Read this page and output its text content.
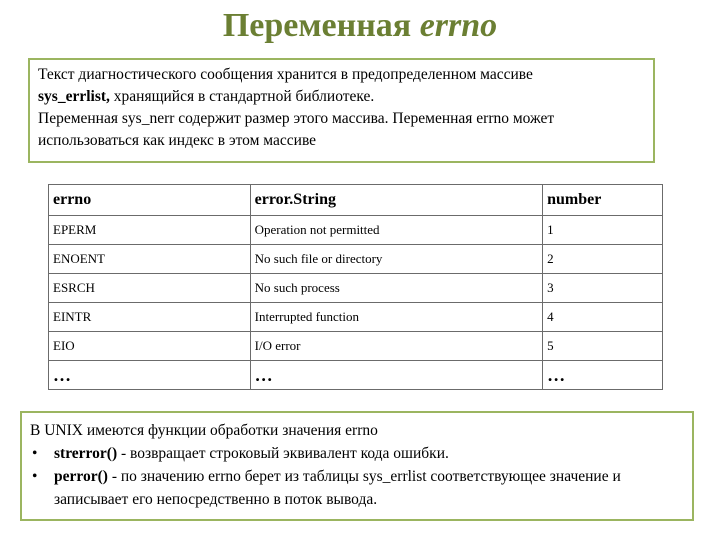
Переменная errno

Текст диагностического сообщения хранится в предопределенном массиве

sys_errlist, хранящийся в стандартной библиотеке.

Переменная sys_nerr содержит размер этого массива. Переменная errno может

использоваться как индекс в этом массиве

errno	error.String	number
EPERM	Operation not permitted	1
ENOENT	No such file or directory	2
ESRCH	No such process	3
EINTR	Interrupted function	4
EIO	I/O error	5
…	…	…
В UNIX имеются функции обработки значения errno
• strerror() - возвращает строковый эквивалент кода ошибки.
• perror() - по значению errno берет из таблицы sys_errlist соответствующее значение и записывает его непосредственно в поток вывода.
